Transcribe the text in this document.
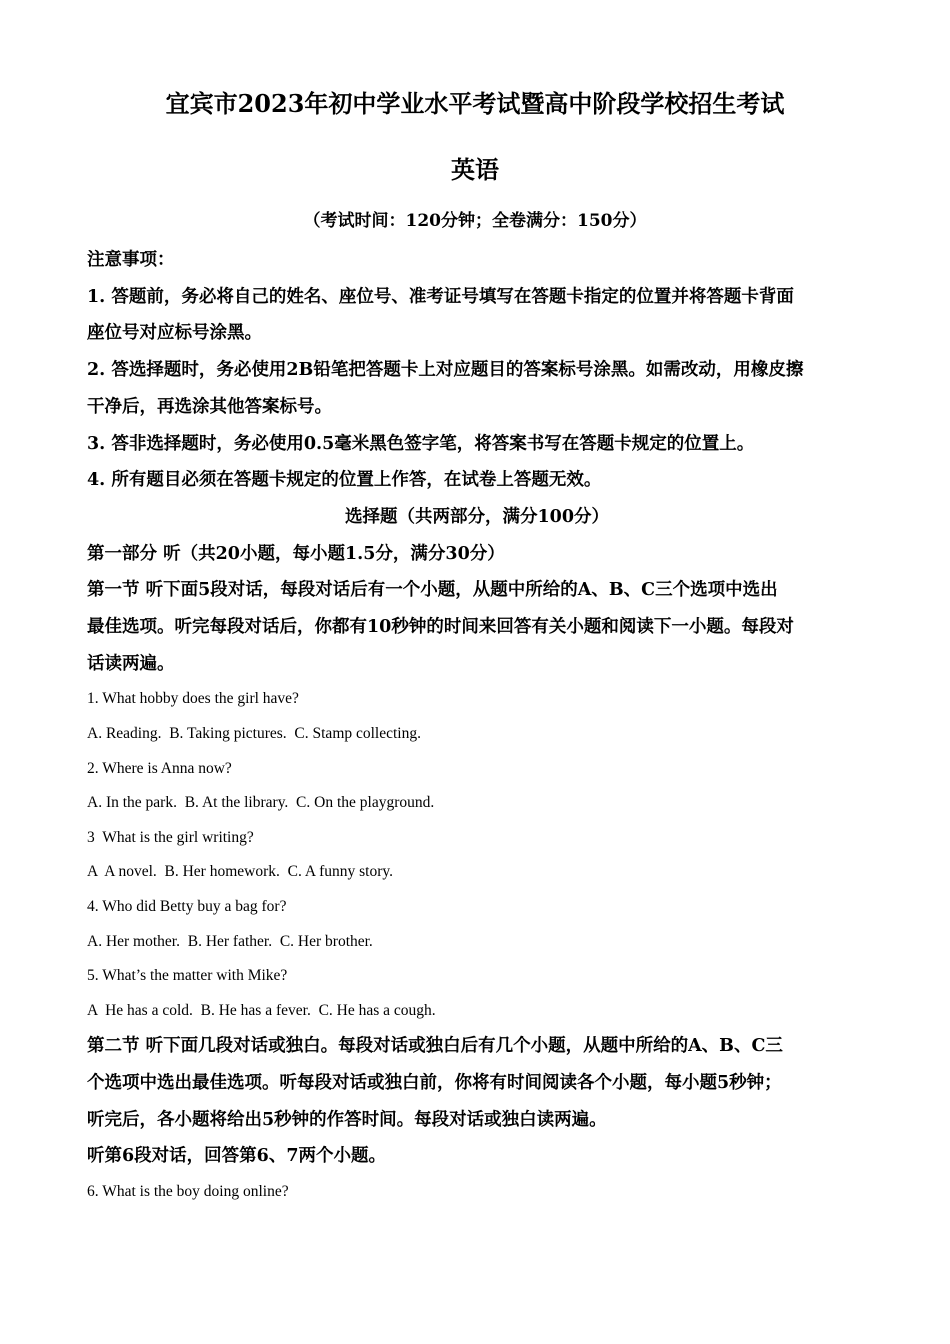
宜宾市2023年初中学业水平考试暨高中阶段学校招生考试
英语
（考试时间：120分钟；全卷满分：150分）

注意事项：

1. 答题前，务必将自己的姓名、座位号、准考证号填写在答题卡指定的位置并将答题卡背面

座位号对应标号涂黑。

2. 答选择题时，务必使用2B铅笔把答题卡上对应题目的答案标号涂黑。如需改动，用橡皮擦

干净后，再选涂其他答案标号。

3. 答非选择题时，务必使用0.5毫米黑色签字笔，将答案书写在答题卡规定的位置上。

4. 所有题目必须在答题卡规定的位置上作答，在试卷上答题无效。

选择题（共两部分，满分100分）

第一部分 听（共20小题，每小题1.5分，满分30分）

第一节 听下面5段对话，每段对话后有一个小题，从题中所给的A、B、C三个选项中选出

最佳选项。听完每段对话后，你都有10秒钟的时间来回答有关小题和阅读下一小题。每段对

话读两遍。

1. What hobby does the girl have?

A. Reading.  B. Taking pictures.  C. Stamp collecting.

2. Where is Anna now?

A. In the park.  B. At the library.  C. On the playground.

3  What is the girl writing?

A  A novel.  B. Her homework.  C. A funny story.

4. Who did Betty buy a bag for?

A. Her mother.  B. Her father.  C. Her brother.

5. What’s the matter with Mike?

A  He has a cold.  B. He has a fever.  C. He has a cough.

第二节 听下面几段对话或独白。每段对话或独白后有几个小题，从题中所给的A、B、C三

个选项中选出最佳选项。听每段对话或独白前，你将有时间阅读各个小题，每小题5秒钟；

听完后，各小题将给出5秒钟的作答时间。每段对话或独白读两遍。

听第6段对话，回答第6、7两个小题。

6. What is the boy doing online?
